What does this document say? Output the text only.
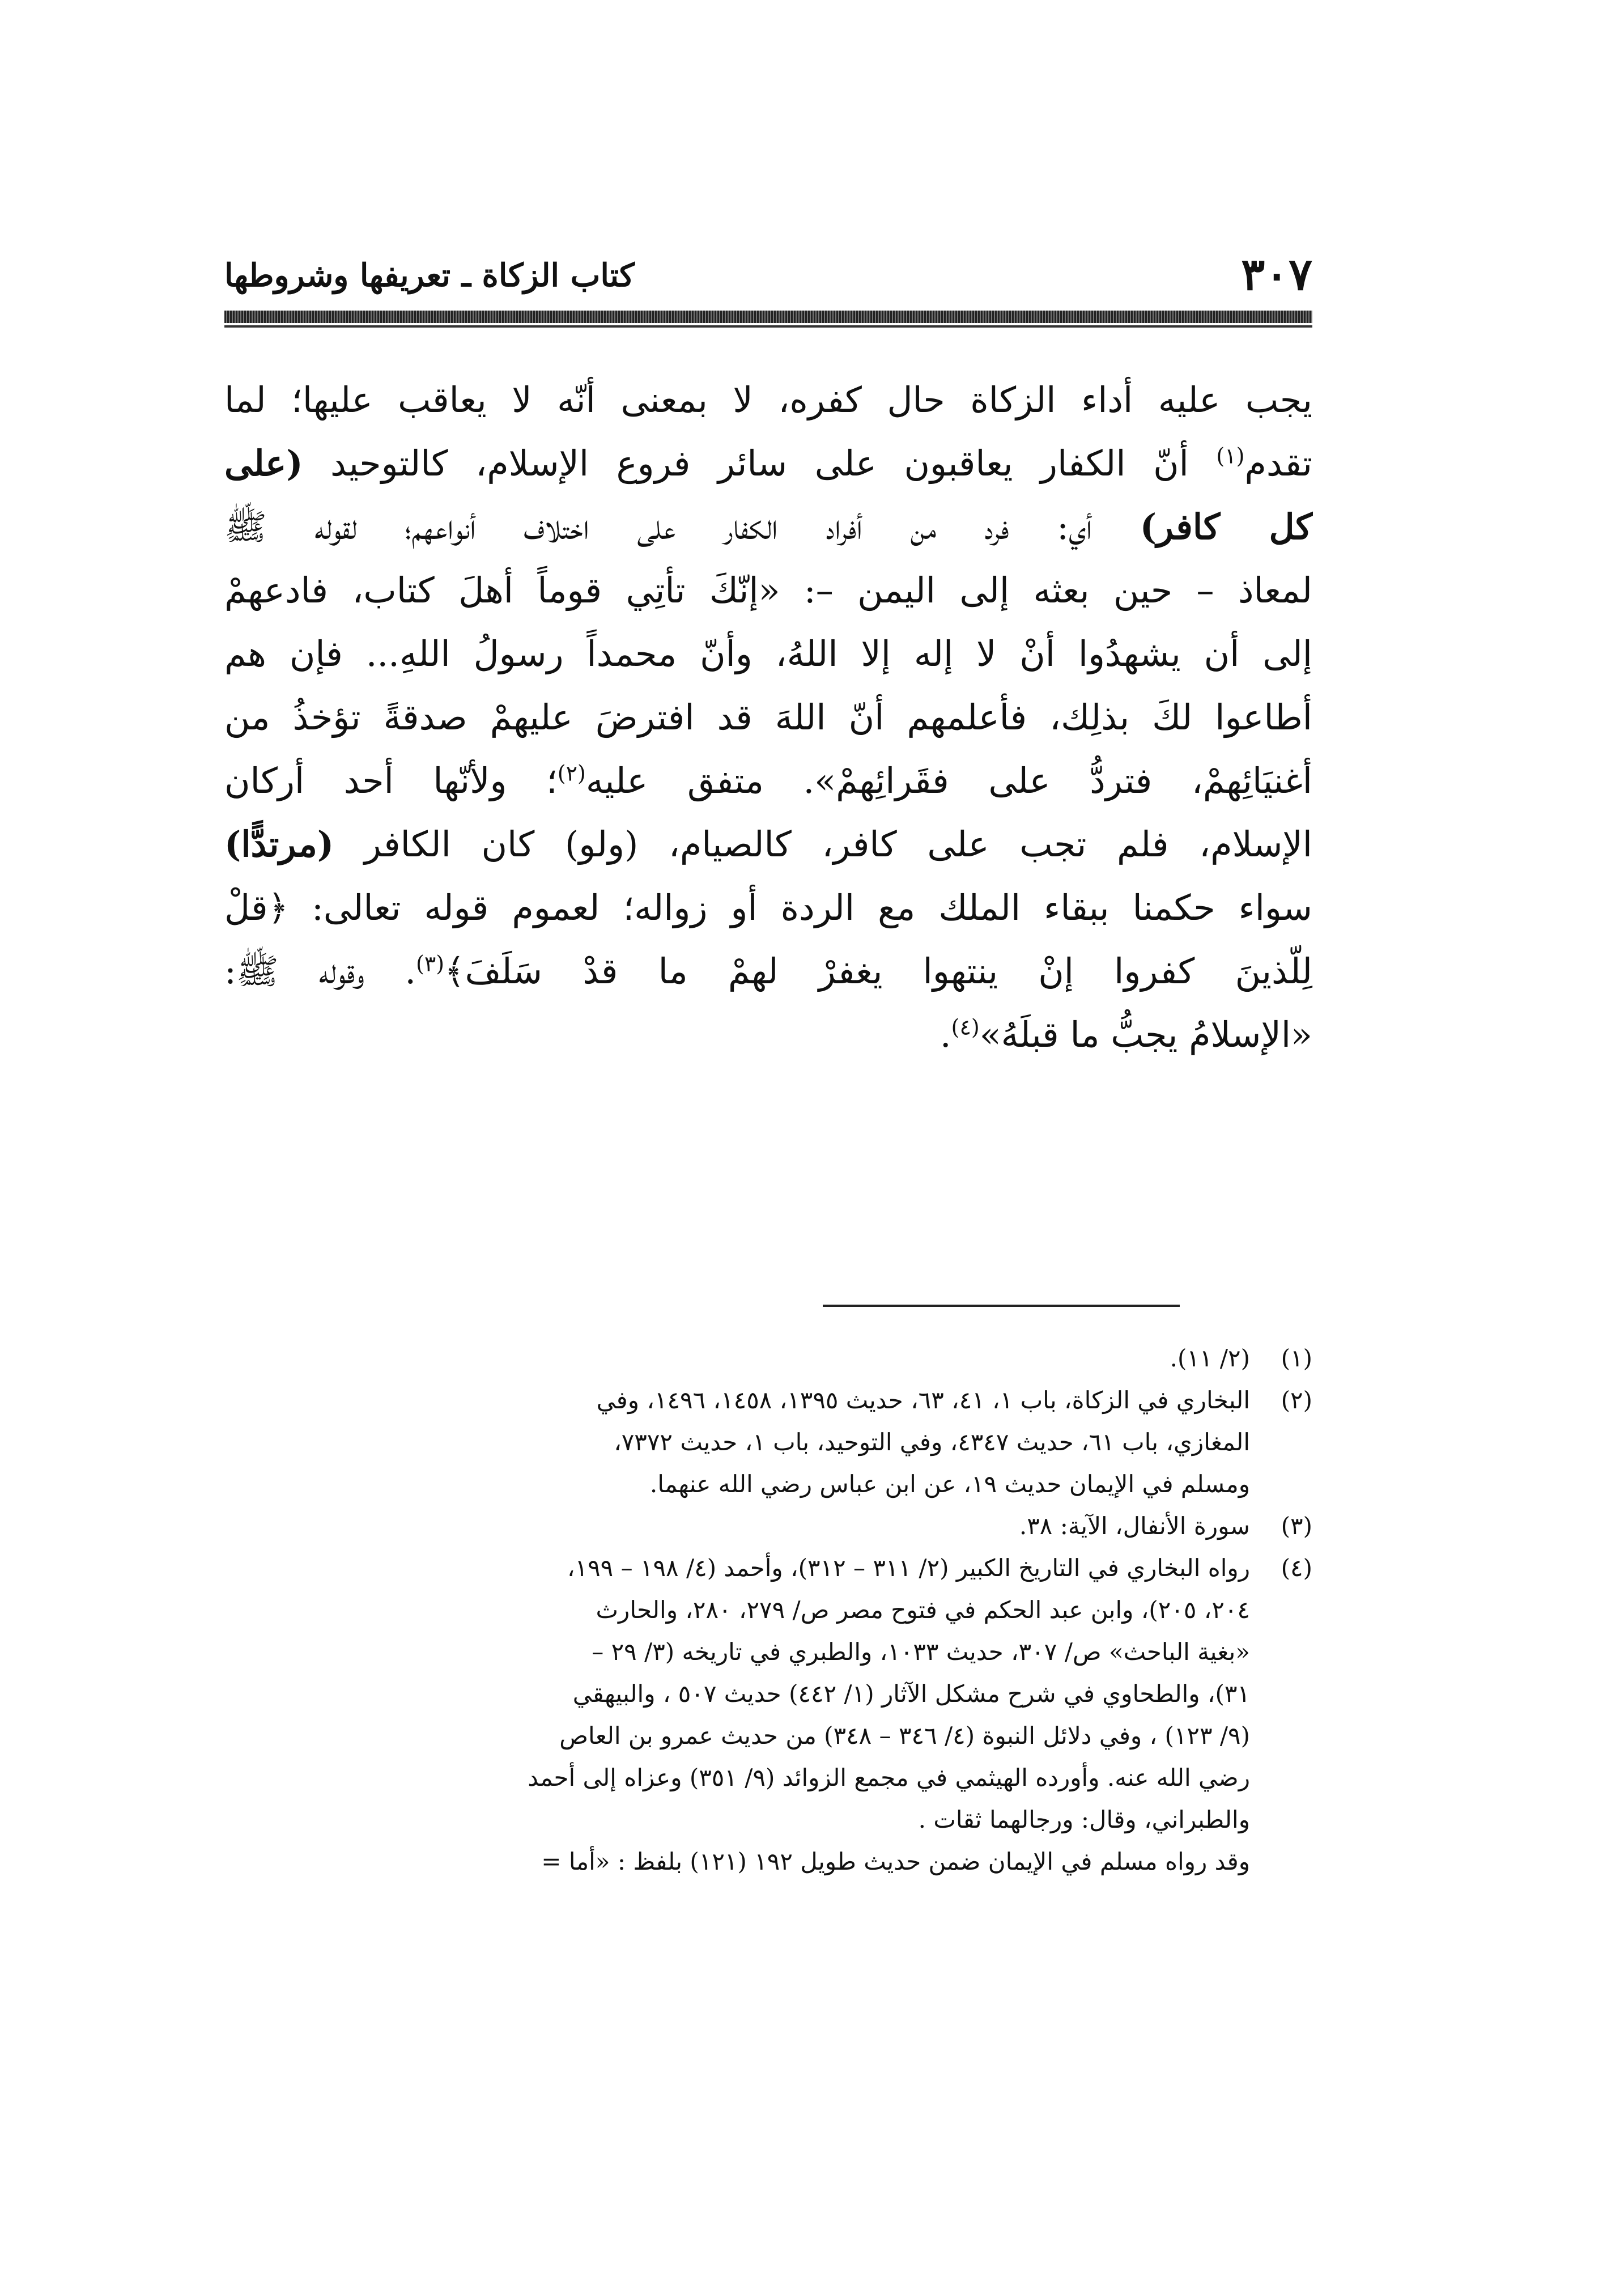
٣٠٧
كتاب الزكاة ـ تعريفها وشروطها
يجب عليه أداء الزكاة حال كفره، لا بمعنى أنّه لا يعاقب عليها؛ لما
تقدم$^{(١)}$ أنّ الكفار يعاقبون على سائر فروع الإسلام، كالتوحيد (على
كل كافر) أي: فرد من أفراد الكفار على اختلاف أنواعهم؛ لقوله ﷺ
لمعاذ – حين بعثه إلى اليمن –: «إنّكَ تأتِي قوماً أهلَ كتاب، فادعهمْ
إلى أن يشهدُوا أنْ لا إله إلا اللهُ، وأنّ محمداً رسولُ اللهِ... فإن هم
أطاعوا لكَ بذلِك، فأعلمهم أنّ اللهَ قد افترضَ عليهمْ صدقةً تؤخذُ من
أغنيَائِهمْ، فتردُّ على فقَرائِهمْ». متفق عليه$^{(٢)}$؛ ولأنّها أحد أركان
الإسلام، فلم تجب على كافر، كالصيام، (ولو) كان الكافر (مرتدًّا)
سواء حكمنا ببقاء الملك مع الردة أو زواله؛ لعموم قوله تعالى: ﴿قلْ
لِلّذينَ كفروا إنْ ينتهوا يغفرْ لهمْ ما قدْ سَلَفَ﴾$^{(٣)}$. وقوله ﷺ:
«الإسلامُ يجبُّ ما قبلَهُ»$^{(٤)}$.
(١)(٢/ ١١).
(٢)البخاري في الزكاة، باب ١، ٤١، ٦٣، حديث ١٣٩٥، ١٤٥٨، ١٤٩٦، وفي
المغازي، باب ٦١، حديث ٤٣٤٧، وفي التوحيد، باب ١، حديث ٧٣٧٢،
ومسلم في الإيمان حديث ١٩، عن ابن عباس رضي الله عنهما.
(٣)سورة الأنفال، الآية: ٣٨.
(٤)رواه البخاري في التاريخ الكبير (٢/ ٣١١ – ٣١٢)، وأحمد (٤/ ١٩٨ – ١٩٩،
٢٠٤، ٢٠٥)، وابن عبد الحكم في فتوح مصر ص/ ٢٧٩، ٢٨٠، والحارث
«بغية الباحث» ص/ ٣٠٧، حديث ١٠٣٣، والطبري في تاريخه (٣/ ٢٩ –
٣١)، والطحاوي في شرح مشكل الآثار (١/ ٤٤٢) حديث ٥٠٧ ، والبيهقي
(٩/ ١٢٣) ، وفي دلائل النبوة (٤/ ٣٤٦ – ٣٤٨) من حديث عمرو بن العاص
رضي الله عنه. وأورده الهيثمي في مجمع الزوائد (٩/ ٣٥١) وعزاه إلى أحمد
والطبراني، وقال: ورجالهما ثقات .
وقد رواه مسلم في الإيمان ضمن حديث طويل ١٩٢ (١٢١) بلفظ : «أما =
